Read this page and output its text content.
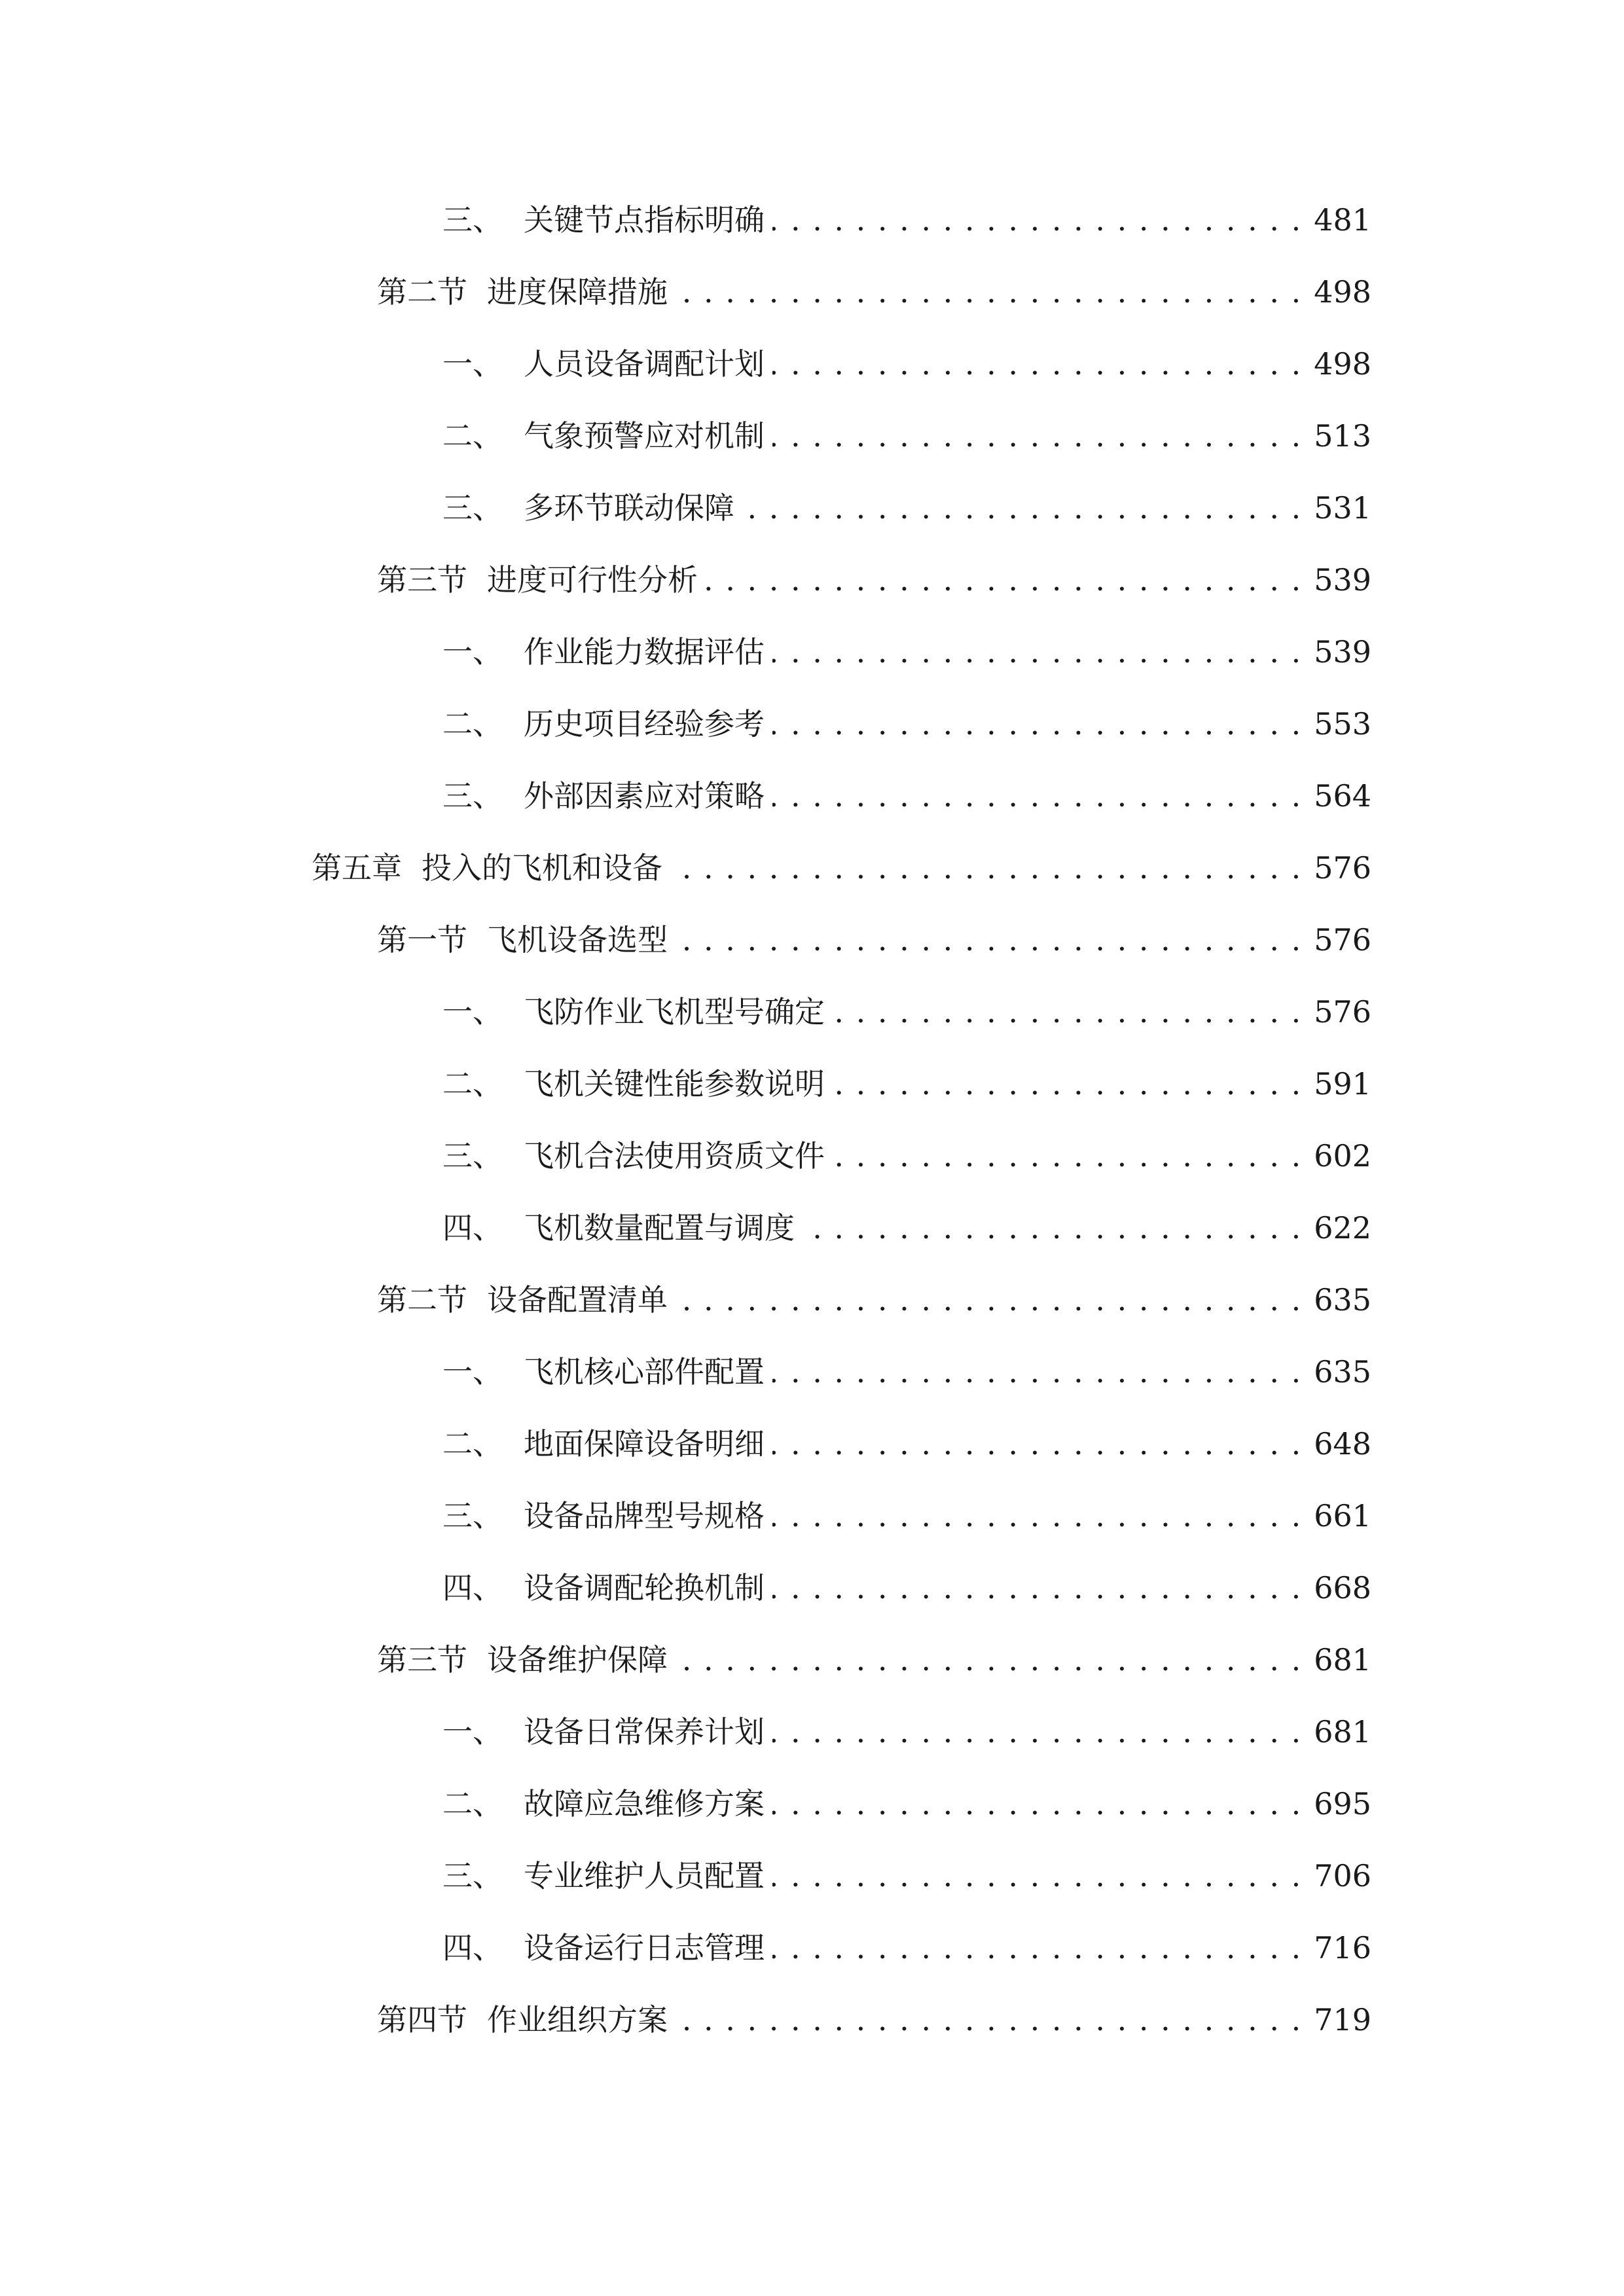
三、 关键节点指标明确 . . .	481
第二节 进度保障措施 . . .	498
一、 人员设备调配计划 . . .	498
二、 气象预警应对机制 . . .	513
三、 多环节联动保障 . . .	531
第三节 进度可行性分析 . . .	539
一、 作业能力数据评估 . . .	539
二、 历史项目经验参考 . . .	553
三、 外部因素应对策略 . . .	564
第五章 投入的飞机和设备 . . .	576
第一节 飞机设备选型 . . .	576
一、 飞防作业飞机型号确定 . . .	576
二、 飞机关键性能参数说明 . . .	591
三、 飞机合法使用资质文件 . . .	602
四、 飞机数量配置与调度 . . .	622
第二节 设备配置清单 . . .	635
一、 飞机核心部件配置 . . .	635
二、 地面保障设备明细 . . .	648
三、 设备品牌型号规格 . . .	661
四、 设备调配轮换机制 . . .	668
第三节 设备维护保障 . . .	681
一、 设备日常保养计划 . . .	681
二、 故障应急维修方案 . . .	695
三、 专业维护人员配置 . . .	706
四、 设备运行日志管理 . . .	716
第四节 作业组织方案 . . .	719
